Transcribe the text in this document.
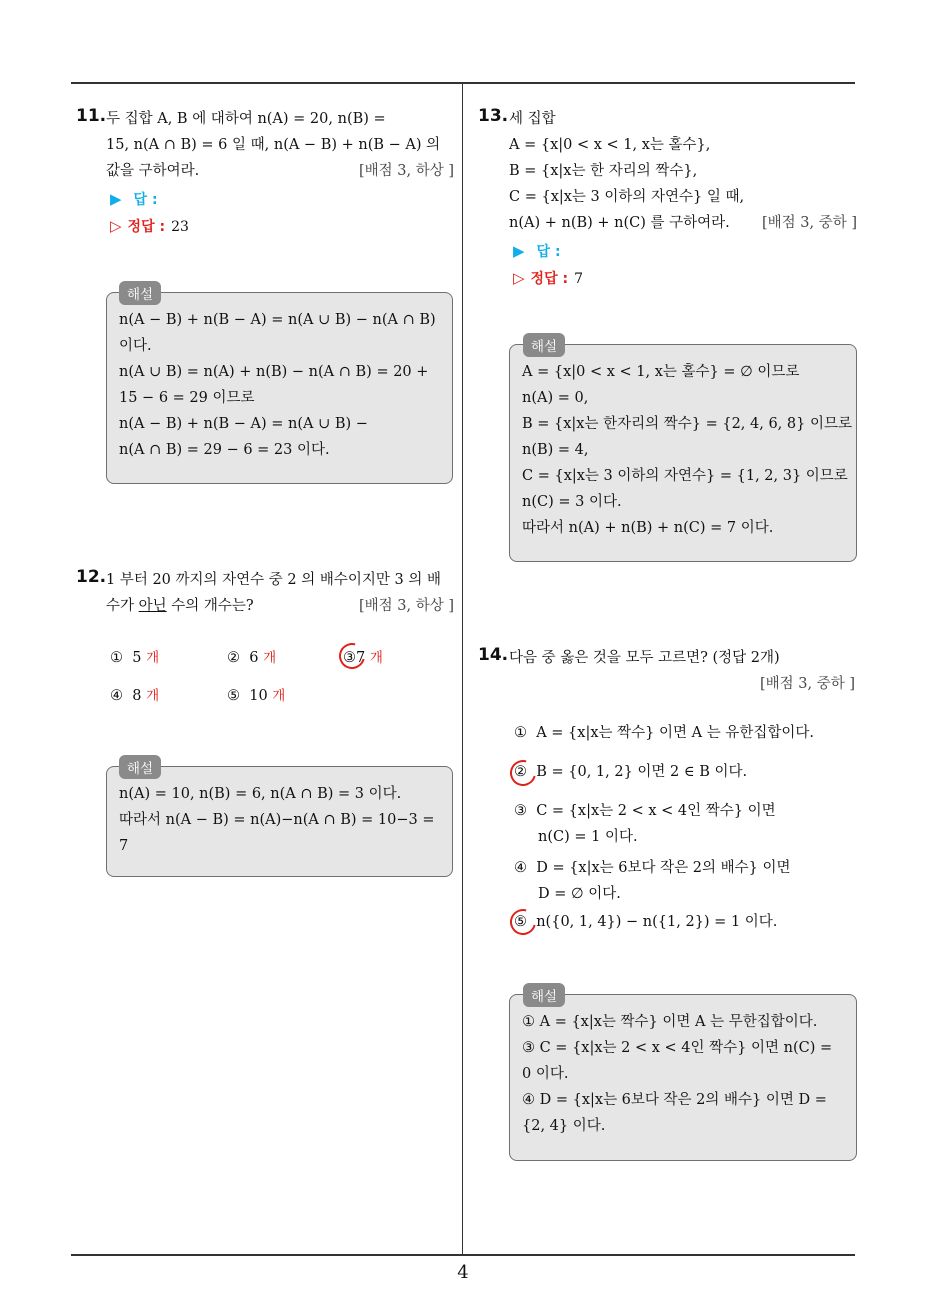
4
11. 두 집합 A, B 에 대하여 n(A) = 20, n(B) =
15, n(A ∩ B) = 6 일 때, n(A − B) + n(B − A) 의
값을 구하여라.	[배점 3, 하상 ]
▶ 답 :
▷ 정답 : 23
n(A − B) + n(B − A) = n(A ∪ B) − n(A ∩ B)
이다.
n(A ∪ B) = n(A) + n(B) − n(A ∩ B) = 20 +
15 − 6 = 29 이므로
n(A − B) + n(B − A) = n(A ∪ B) −
n(A ∩ B) = 29 − 6 = 23 이다.
해설
12. 1 부터 20 까지의 자연수 중 2 의 배수이지만 3 의 배
수가 아닌 수의 개수는?	[배점 3, 하상 ]
① 5 개	② 6 개	③7 개
④ 8 개	⑤ 10 개
n(A) = 10, n(B) = 6, n(A ∩ B) = 3 이다.
따라서 n(A − B) = n(A)−n(A ∩ B) = 10−3 =
7
해설
13. 세 집합
A = {x|0 < x < 1, x는 홀수},
B = {x|x는 한 자리의 짝수},
C = {x|x는 3 이하의 자연수} 일 때,
n(A) + n(B) + n(C) 를 구하여라. [배점 3, 중하 ]
▶ 답 :
▷ 정답 : 7
A = {x|0 < x < 1, x는 홀수} = ∅ 이므로
n(A) = 0,
B = {x|x는 한자리의 짝수} = {2, 4, 6, 8} 이므로
n(B) = 4,
C = {x|x는 3 이하의 자연수} = {1, 2, 3} 이므로
n(C) = 3 이다.
따라서 n(A) + n(B) + n(C) = 7 이다.
해설
14. 다음 중 옳은 것을 모두 고르면? (정답 2개)
[배점 3, 중하 ]
① A = {x|x는 짝수} 이면 A 는 유한집합이다.
② B = {0, 1, 2} 이면 2 ∈ B 이다.
③ C = {x|x는 2 < x < 4인 짝수} 이면
n(C) = 1 이다.
④ D = {x|x는 6보다 작은 2의 배수} 이면
D = ∅ 이다.
⑤ n({0, 1, 4}) − n({1, 2}) = 1 이다.
① A = {x|x는 짝수} 이면 A 는 무한집합이다.
③ C = {x|x는 2 < x < 4인 짝수} 이면 n(C) =
0 이다.
④ D = {x|x는 6보다 작은 2의 배수} 이면 D =
{2, 4} 이다.
해설
